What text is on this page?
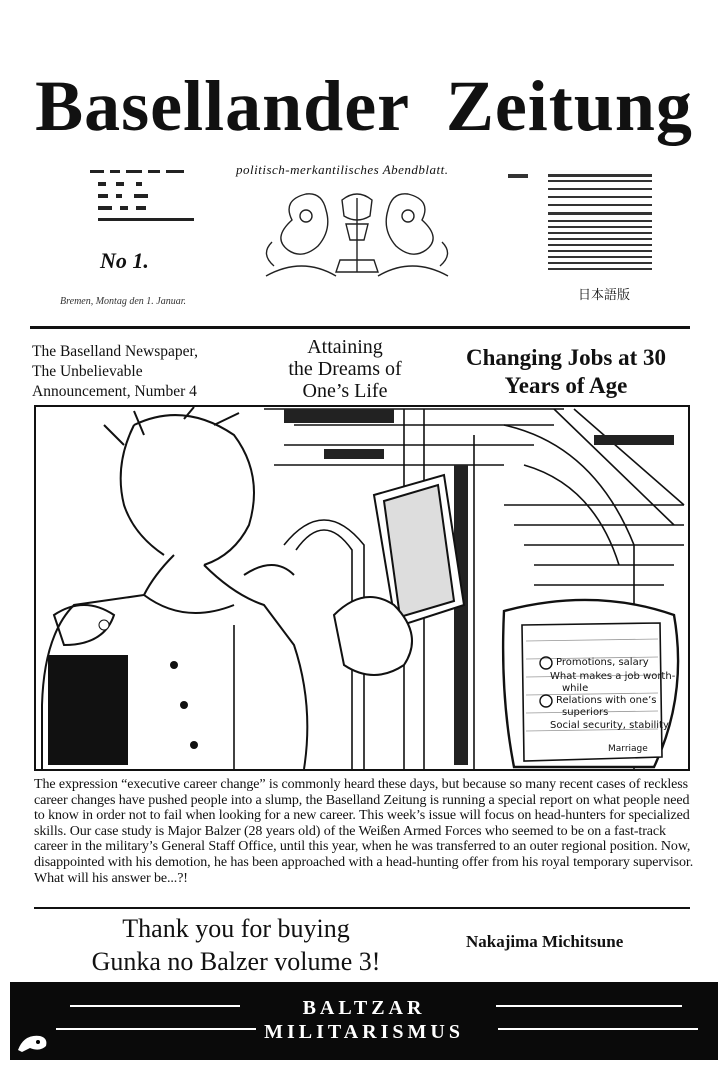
Basellander Zeitung
politisch-merkantilisches Abendblatt.
No 1.
Bremen, Montag den 1. Januar.	日本語版
The Baselland Newspaper,
The Unbelievable
Announcement, Number 4
Attaining
the Dreams of
One’s Life
Changing Jobs at 30
Years of Age
Promotions, salary
What makes a job worth-
while
Relations with one’s
superiors
Social security, stability
Marriage
The expression “executive career change” is commonly heard these days, but because so many recent cases of reckless career changes have pushed people into a slump, the Baselland Zeitung is running a special report on what people need to know in order not to fail when looking for a new career. This week’s issue will focus on head-hunters for specialized skills. Our case study is Major Balzer (28 years old) of the Weißen Armed Forces who seemed to be on a fast-track career in the military’s General Staff Office, until this year, when he was transferred to an outer regional position. Now, disappointed with his demotion, he has been approached with a head-hunting offer from his royal temporary supervisor. What will his answer be...?!
Thank you for buying
Gunka no Balzer volume 3!
Nakajima Michitsune
BALTZAR
MILITARISMUS
